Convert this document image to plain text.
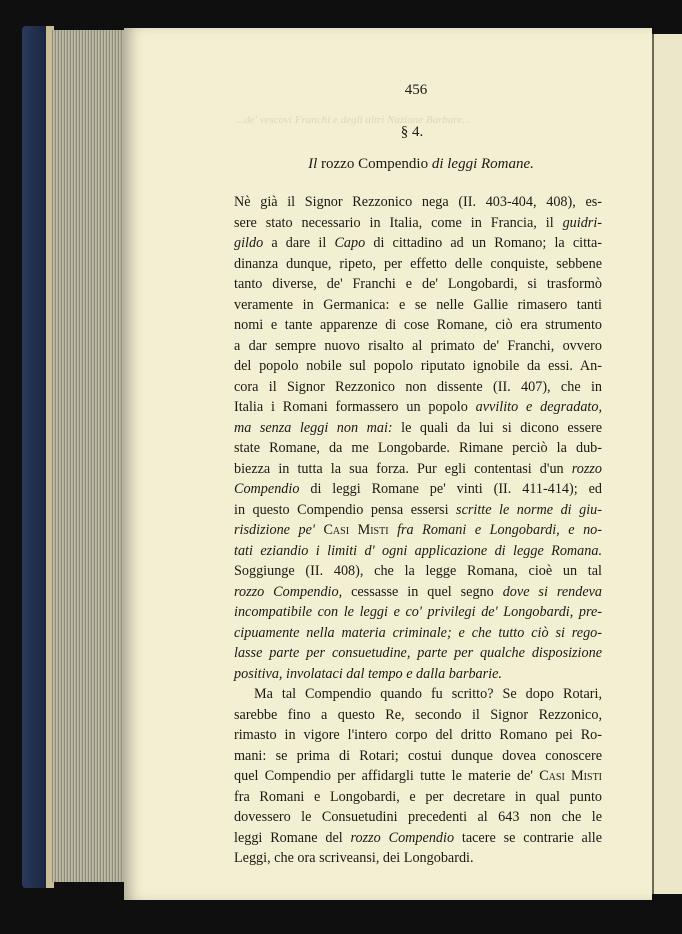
...de' vescovi Franchi e degli altri Nazione Barbare...
456
§ 4.
Il rozzo Compendio di leggi Romane.

Nè già il Signor Rezzonico nega (II. 403-404, 408), es-

sere stato necessario in Italia, come in Francia, il guidri-

gildo a dare il Capo di cittadino ad un Romano; la citta-

dinanza dunque, ripeto, per effetto delle conquiste, sebbene

tanto diverse, de' Franchi e de' Longobardi, si trasformò

veramente in Germanica: e se nelle Gallie rimasero tanti

nomi e tante apparenze di cose Romane, ciò era strumento

a dar sempre nuovo risalto al primato de' Franchi, ovvero

del popolo nobile sul popolo riputato ignobile da essi. An-

cora il Signor Rezzonico non dissente (II. 407), che in

Italia i Romani formassero un popolo avvilito e degradato,

ma senza leggi non mai: le quali da lui si dicono essere

state Romane, da me Longobarde. Rimane perciò la dub-

biezza in tutta la sua forza. Pur egli contentasi d'un rozzo

Compendio di leggi Romane pe' vinti (II. 411-414); ed

in questo Compendio pensa essersi scritte le norme di giu-

risdizione pe' Casi Misti fra Romani e Longobardi, e no-

tati eziandio i limiti d' ogni applicazione di legge Romana.

Soggiunge (II. 408), che la legge Romana, cioè un tal

rozzo Compendio, cessasse in quel segno dove si rendeva

incompatibile con le leggi e co' privilegi de' Longobardi, pre-

cipuamente nella materia criminale; e che tutto ciò si rego-

lasse parte per consuetudine, parte per qualche disposizione

positiva, involataci dal tempo e dalla barbarie.

Ma tal Compendio quando fu scritto? Se dopo Rotari,

sarebbe fino a questo Re, secondo il Signor Rezzonico,

rimasto in vigore l'intero corpo del dritto Romano pei Ro-

mani: se prima di Rotari; costui dunque dovea conoscere

quel Compendio per affidargli tutte le materie de' Casi Misti

fra Romani e Longobardi, e per decretare in qual punto

dovessero le Consuetudini precedenti al 643 non che le

leggi Romane del rozzo Compendio tacere se contrarie alle

Leggi, che ora scriveansi, dei Longobardi.
